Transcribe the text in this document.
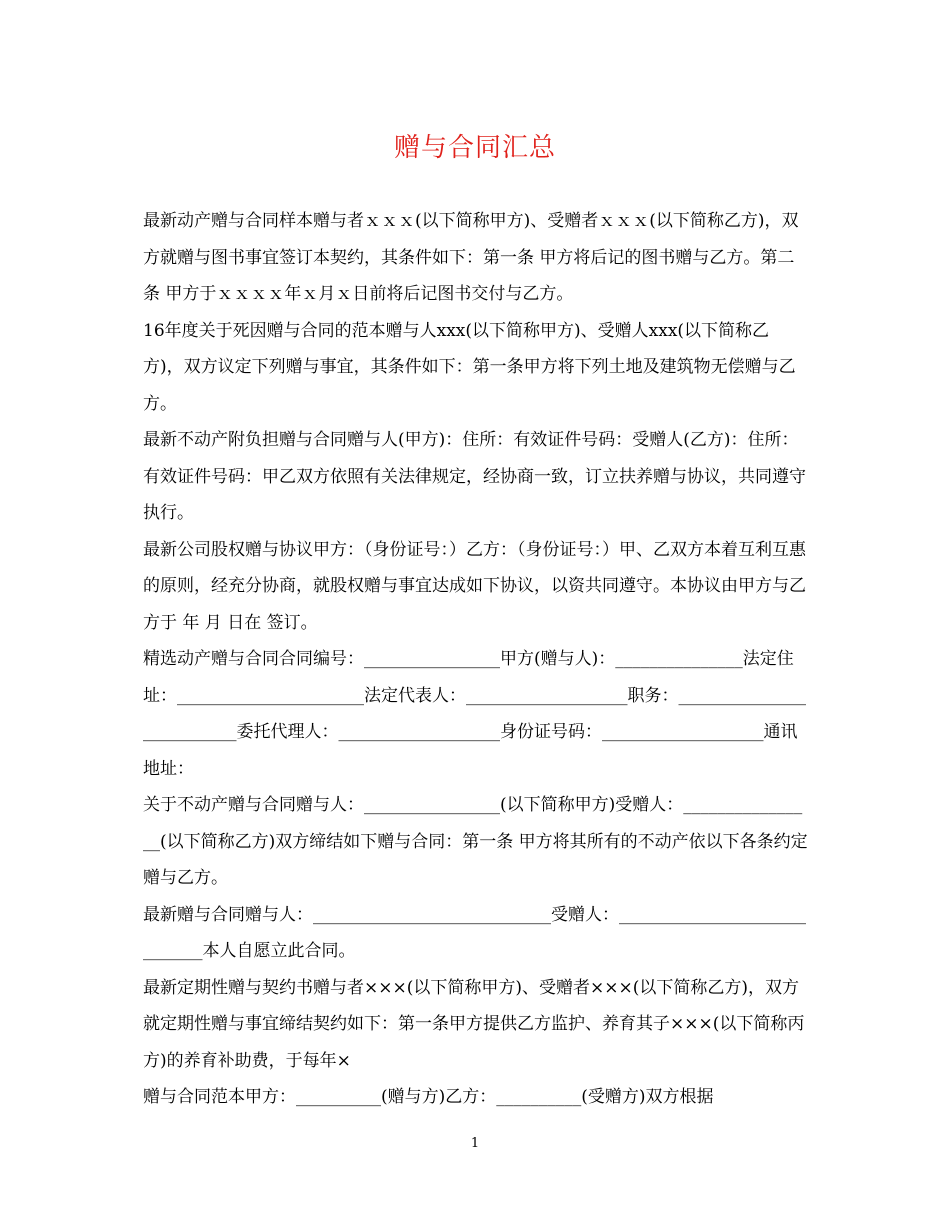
赠与合同汇总

最新动产赠与合同样本赠与者ｘｘｘ(以下简称甲方)、受赠者ｘｘｘ(以下简称乙方)，双方就赠与图书事宜签订本契约，其条件如下：第一条 甲方将后记的图书赠与乙方。第二条 甲方于ｘｘｘｘ年ｘ月ｘ日前将后记图书交付与乙方。

16年度关于死因赠与合同的范本赠与人xxx(以下简称甲方)、受赠人xxx(以下简称乙方)，双方议定下列赠与事宜，其条件如下：第一条甲方将下列土地及建筑物无偿赠与乙方。

最新不动产附负担赠与合同赠与人(甲方)：住所：有效证件号码：受赠人(乙方)：住所：有效证件号码：甲乙双方依照有关法律规定，经协商一致，订立扶养赠与协议，共同遵守执行。

最新公司股权赠与协议甲方：（身份证号：）乙方：（身份证号：）甲、乙双方本着互利互惠的原则，经充分协商，就股权赠与事宜达成如下协议，以资共同遵守。本协议由甲方与乙方于 年 月 日在 签订。

精选动产赠与合同合同编号：________________甲方(赠与人)：_______________法定住址：______________________法定代表人：___________________职务：__________________________委托代理人：___________________身份证号码：___________________通讯地址：

关于不动产赠与合同赠与人：________________(以下简称甲方)受赠人：________________(以下简称乙方)双方缔结如下赠与合同：第一条 甲方将其所有的不动产依以下各条约定赠与乙方。

最新赠与合同赠与人：____________________________受赠人：_____________________________本人自愿立此合同。

最新定期性赠与契约书赠与者×××(以下简称甲方)、受赠者×××(以下简称乙方)，双方就定期性赠与事宜缔结契约如下：第一条甲方提供乙方监护、养育其子×××(以下简称丙方)的养育补助费，于每年×

赠与合同范本甲方：__________(赠与方)乙方：__________(受赠方)双方根据

1
